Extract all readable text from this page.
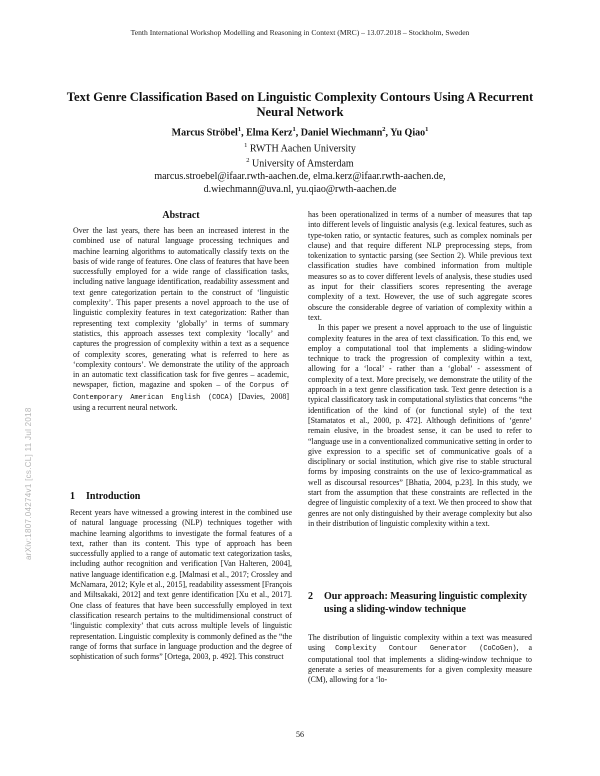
Tenth International Workshop Modelling and Reasoning in Context (MRC) – 13.07.2018 – Stockholm, Sweden
Text Genre Classification Based on Linguistic Complexity Contours Using A Recurrent Neural Network
Marcus Ströbel$^1$, Elma Kerz$^1$, Daniel Wiechmann$^2$, Yu Qiao$^1$
$^1$ RWTH Aachen University
$^2$ University of Amsterdam
marcus.stroebel@ifaar.rwth-aachen.de, elma.kerz@ifaar.rwth-aachen.de,
d.wiechmann@uva.nl, yu.qiao@rwth-aachen.de
Abstract
Over the last years, there has been an increased interest in the combined use of natural language processing techniques and machine learning algorithms to automatically classify texts on the basis of wide range of features. One class of features that have been successfully employed for a wide range of classification tasks, including native language identification, readability assessment and text genre categorization pertain to the construct of ‘linguistic complexity’. This paper presents a novel approach to the use of linguistic complexity features in text categorization: Rather than representing text complexity ‘globally’ in terms of summary statistics, this approach assesses text complexity ‘locally’ and captures the progression of complexity within a text as a sequence of complexity scores, generating what is referred to here as ‘complexity contours’. We demonstrate the utility of the approach in an automatic text classification task for five genres – academic, newspaper, fiction, magazine and spoken – of the Corpus of Contemporary American English (COCA) [Davies, 2008] using a recurrent neural network.
1	Introduction
Recent years have witnessed a growing interest in the combined use of natural language processing (NLP) techniques together with machine learning algorithms to investigate the formal features of a text, rather than its content. This type of approach has been successfully applied to a range of automatic text categorization tasks, including author recognition and verification [Van Halteren, 2004], native language identification e.g. [Malmasi et al., 2017; Crossley and McNamara, 2012; Kyle et al., 2015], readability assessment [François and Miltsakaki, 2012] and text genre identification [Xu et al., 2017]. One class of features that have been successfully employed in text classification research pertains to the multidimensional construct of ‘linguistic complexity’ that cuts across multiple levels of linguistic representation. Linguistic complexity is commonly defined as the “the range of forms that surface in language production and the degree of sophistication of such forms” [Ortega, 2003, p. 492]. This construct

has been operationalized in terms of a number of measures that tap into different levels of linguistic analysis (e.g. lexical features, such as type-token ratio, or syntactic features, such as complex nominals per clause) and that require different NLP preprocessing steps, from tokenization to syntactic parsing (see Section 2). While previous text classification studies have combined information from multiple measures so as to cover different levels of analysis, these studies used as input for their classifiers scores representing the average complexity of a text. However, the use of such aggregate scores obscure the considerable degree of variation of complexity within a text.

In this paper we present a novel approach to the use of linguistic complexity features in the area of text classification. To this end, we employ a computational tool that implements a sliding-window technique to track the progression of complexity within a text, allowing for a ‘local’ - rather than a ‘global’ - assessment of complexity of a text. More precisely, we demonstrate the utility of the approach in a text genre classification task. Text genre detection is a typical classificatory task in computational stylistics that concerns “the identification of the kind of (or functional style) of the text [Stamatatos et al., 2000, p. 472]. Although definitions of ‘genre’ remain elusive, in the broadest sense, it can be used to refer to “language use in a conventionalized communicative setting in order to give expression to a specific set of communicative goals of a disciplinary or social institution, which give rise to stable structural forms by imposing constraints on the use of lexico-grammatical as well as discoursal resources” [Bhatia, 2004, p.23]. In this study, we start from the assumption that these constraints are reflected in the degree of linguistic complexity of a text. We then proceed to show that genres are not only distinguished by their average complexity but also in their distribution of linguistic complexity within a text.

2	Our approach: Measuring linguistic complexity using a sliding-window technique
The distribution of linguistic complexity within a text was measured using Complexity Contour Generator (CoCoGen), a computational tool that implements a sliding-window technique to generate a series of measurements for a given complexity measure (CM), allowing for a ‘lo-
56
arXiv:1807.04274v1 [cs.CL] 11 Jul 2018
